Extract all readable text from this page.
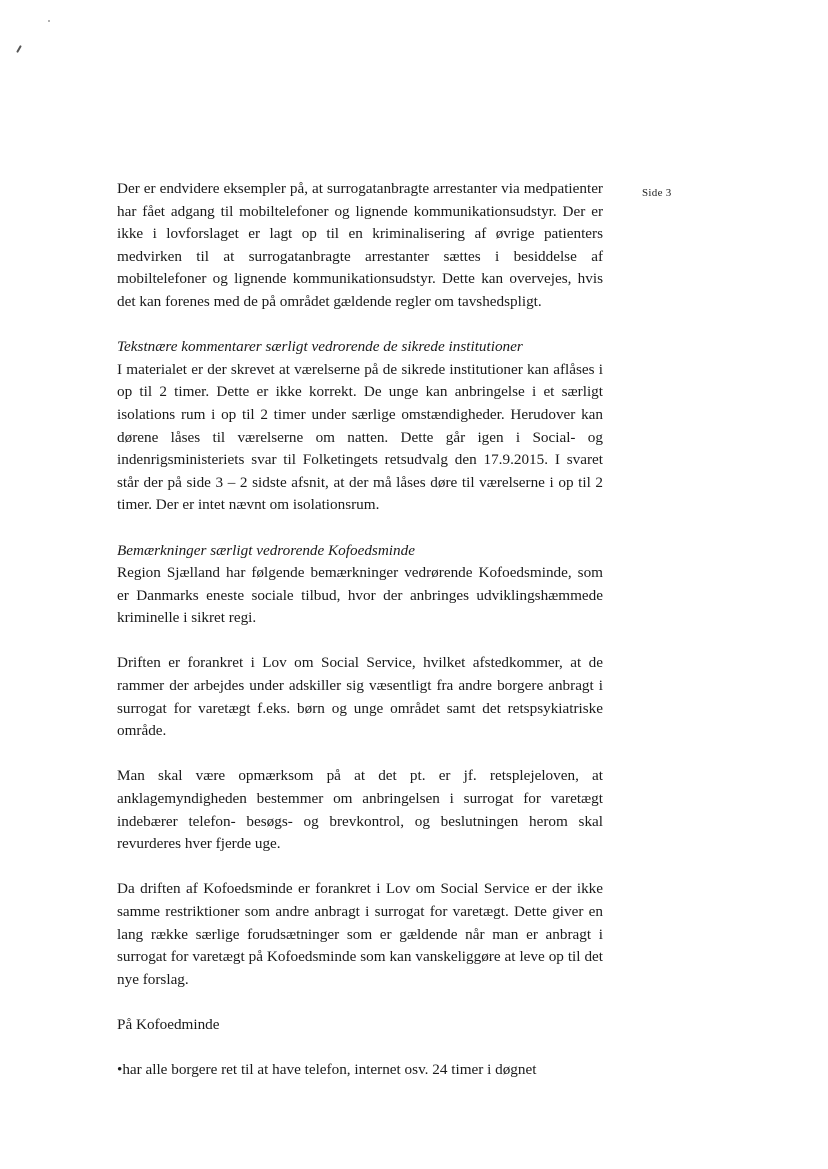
Side 3

Der er endvidere eksempler på, at surrogatanbragte arrestanter via medpatienter har fået adgang til mobiltelefoner og lignende kommunikationsudstyr. Der er ikke i lovforslaget er lagt op til en kriminalisering af øvrige patienters medvirken til at surrogatanbragte arrestanter sættes i besiddelse af mobiltelefoner og lignende kommunikationsudstyr. Dette kan overvejes, hvis det kan forenes med de på området gældende regler om tavshedspligt.

Tekstnære kommentarer særligt vedrorende de sikrede institutioner
I materialet er der skrevet at værelserne på de sikrede institutioner kan aflåses i op til 2 timer. Dette er ikke korrekt. De unge kan anbringelse i et særligt isolations rum i op til 2 timer under særlige omstændigheder. Herudover kan dørene låses til værelserne om natten. Dette går igen i Social- og indenrigsministeriets svar til Folketingets retsudvalg den 17.9.2015. I svaret står der på side 3 – 2 sidste afsnit, at der må låses døre til værelserne i op til 2 timer. Der er intet nævnt om isolationsrum.
Bemærkninger særligt vedrorende Kofoedsminde
Region Sjælland har følgende bemærkninger vedrørende Kofoedsminde, som er Danmarks eneste sociale tilbud, hvor der anbringes udviklingshæmmede kriminelle i sikret regi.

Driften er forankret i Lov om Social Service, hvilket afstedkommer, at de rammer der arbejdes under adskiller sig væsentligt fra andre borgere anbragt i surrogat for varetægt f.eks. børn og unge området samt det retspsykiatriske område.

Man skal være opmærksom på at det pt. er jf. retsplejeloven, at anklagemyndigheden bestemmer om anbringelsen i surrogat for varetægt indebærer telefon- besøgs- og brevkontrol, og beslutningen herom skal revurderes hver fjerde uge.

Da driften af Kofoedsminde er forankret i Lov om Social Service er der ikke samme restriktioner som andre anbragt i surrogat for varetægt. Dette giver en lang række særlige forudsætninger som er gældende når man er anbragt i surrogat for varetægt på Kofoedsminde som kan vanskeliggøre at leve op til det nye forslag.

På Kofoedminde

•har alle borgere ret til at have telefon, internet osv. 24 timer i døgnet
